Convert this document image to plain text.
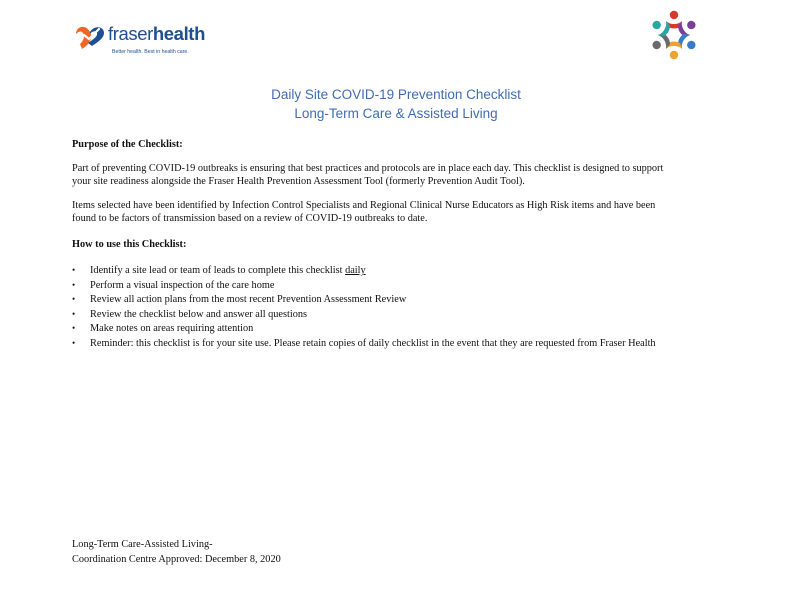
fraserhealth
Better health. Best in health care.
Daily Site COVID-19 Prevention Checklist
Long-Term Care & Assisted Living
Purpose of the Checklist:
Part of preventing COVID-19 outbreaks is ensuring that best practices and protocols are in place each day. This checklist is designed to support
your site readiness alongside the Fraser Health Prevention Assessment Tool (formerly Prevention Audit Tool).
Items selected have been identified by Infection Control Specialists and Regional Clinical Nurse Educators as High Risk items and have been
found to be factors of transmission based on a review of COVID-19 outbreaks to date.
How to use this Checklist:
• Identify a site lead or team of leads to complete this checklist daily
• Perform a visual inspection of the care home
• Review all action plans from the most recent Prevention Assessment Review
• Review the checklist below and answer all questions
• Make notes on areas requiring attention
• Reminder: this checklist is for your site use. Please retain copies of daily checklist in the event that they are requested from Fraser Health
Long-Term Care-Assisted Living-
Coordination Centre Approved: December 8, 2020
